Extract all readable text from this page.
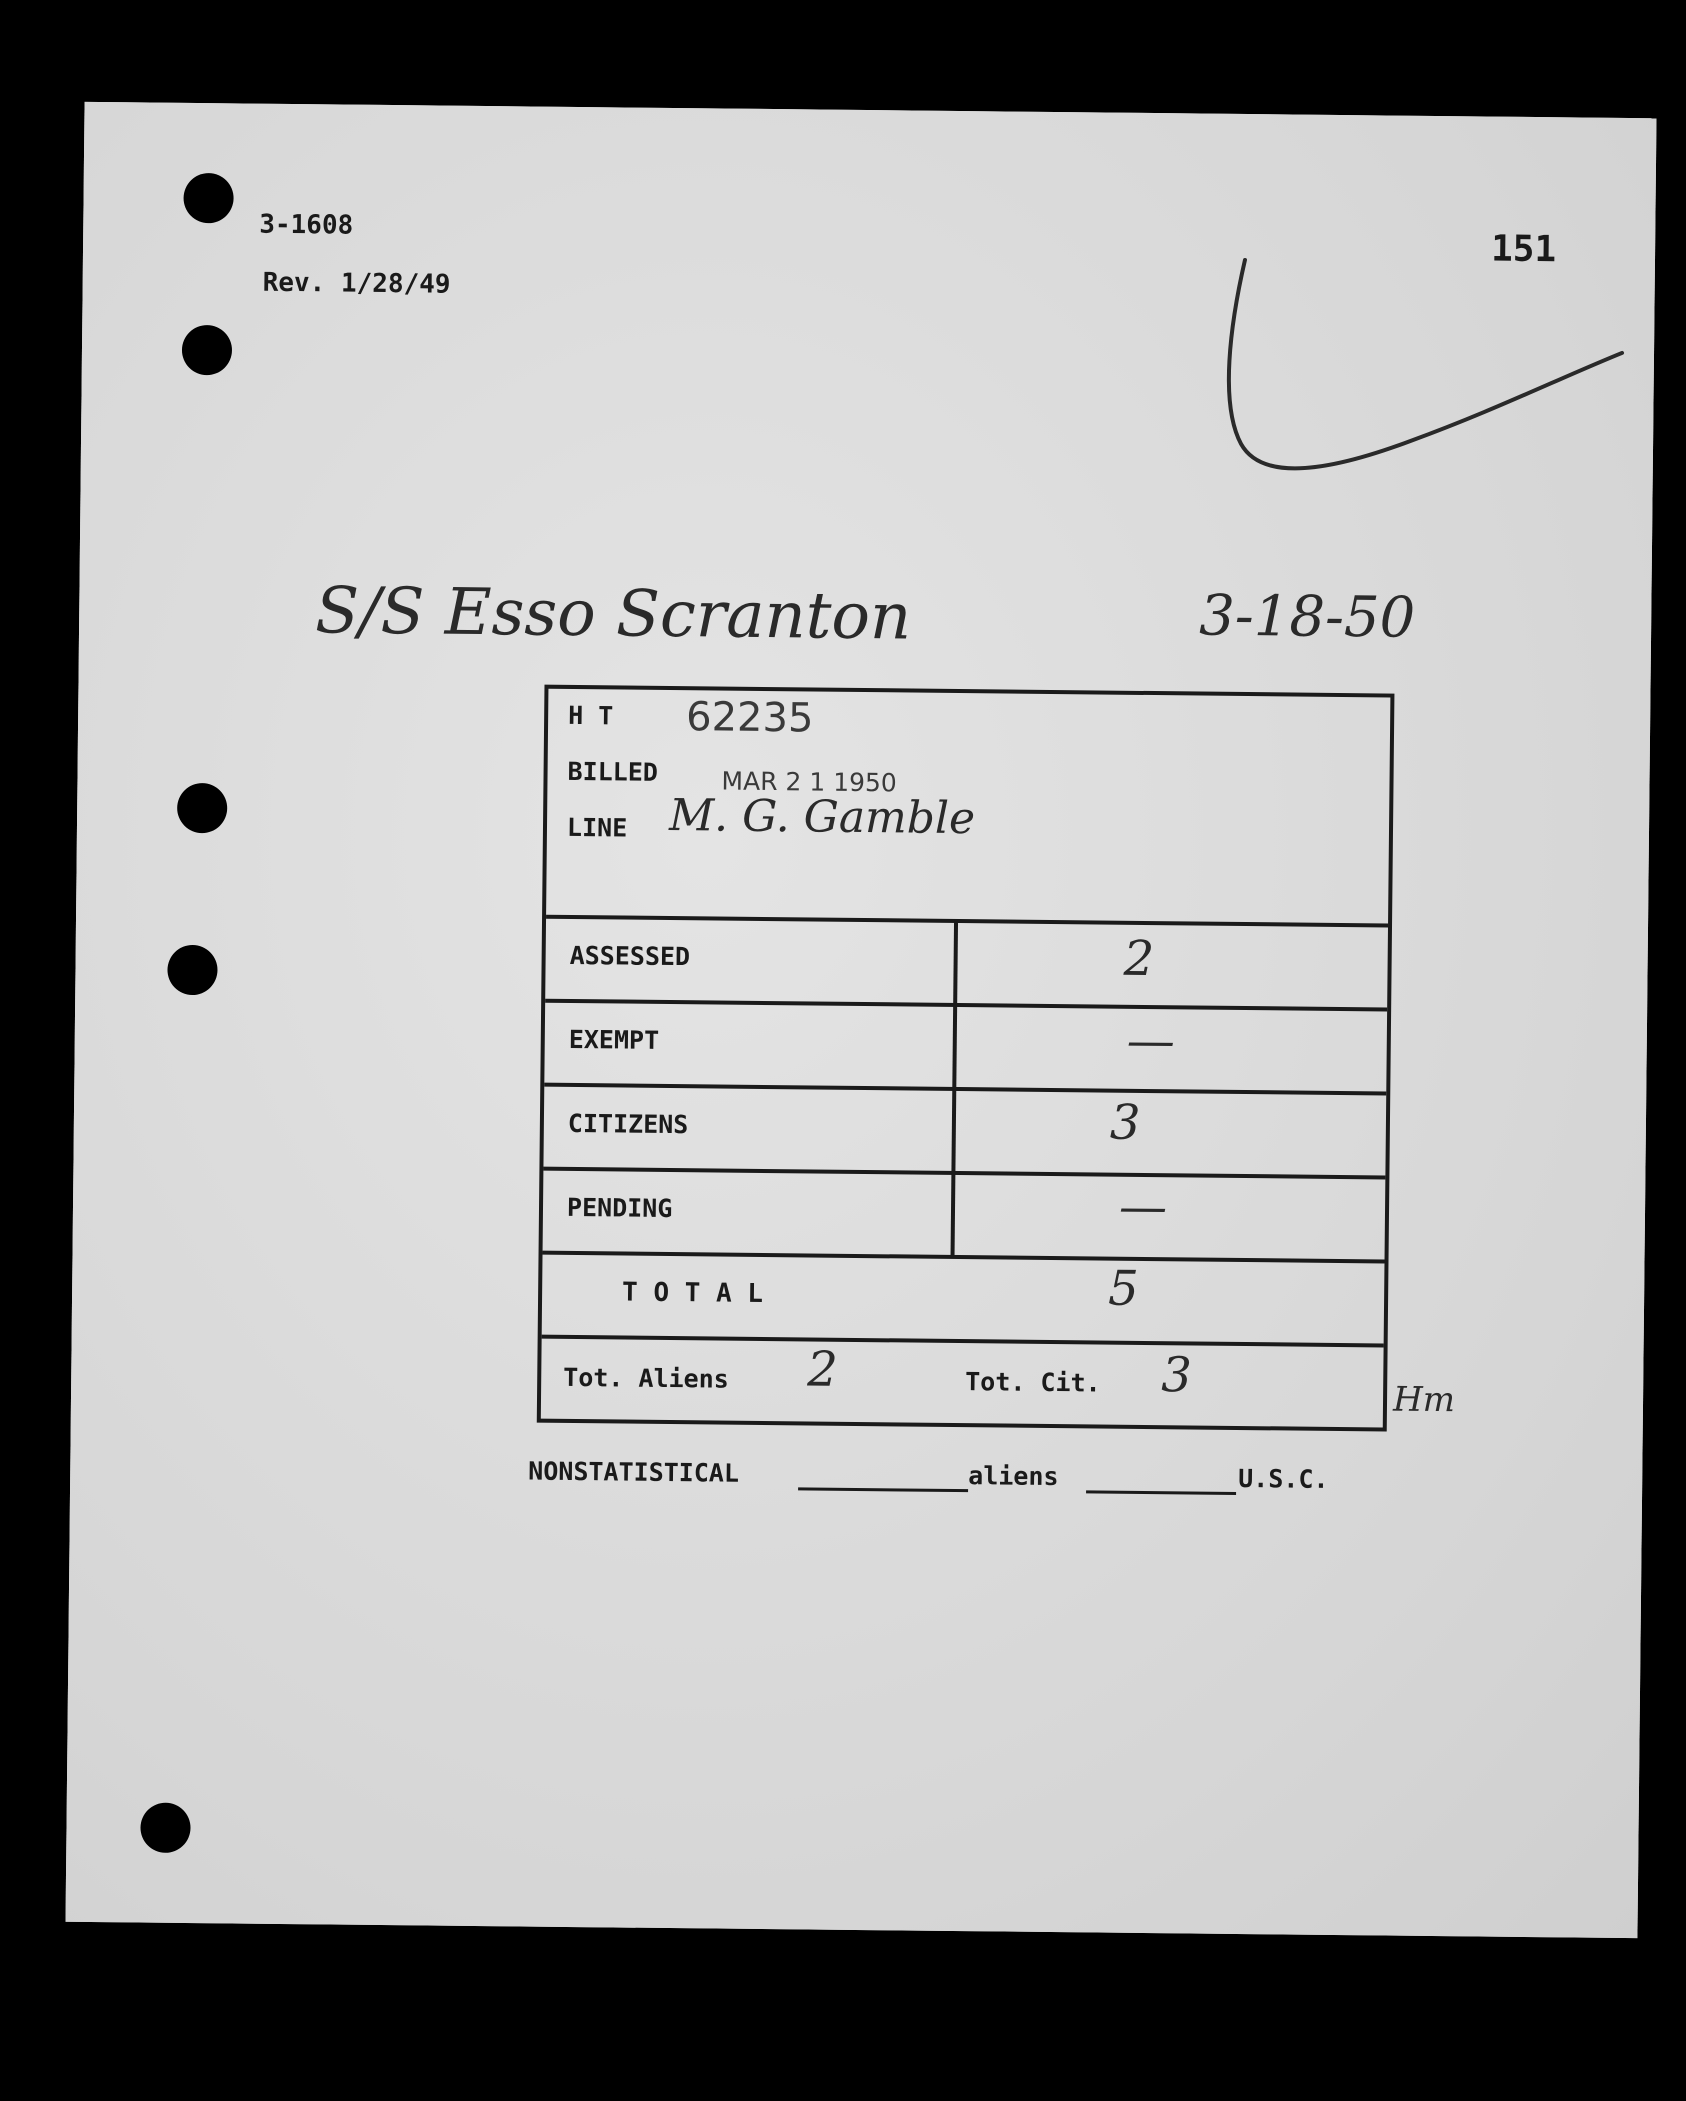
3-1608
Rev. 1/28/49
151
S/S Esso Scranton	3-18-50
H T 62235
BILLED	MAR 2 1 1950
LINE M. G. Gamble
ASSESSED	2
EXEMPT	—
CITIZENS	3
PENDING	—
T O T A L	5
Tot. Aliens 2	Tot. Cit. 3	Hm
NONSTATISTICAL	aliens	U.S.C.
